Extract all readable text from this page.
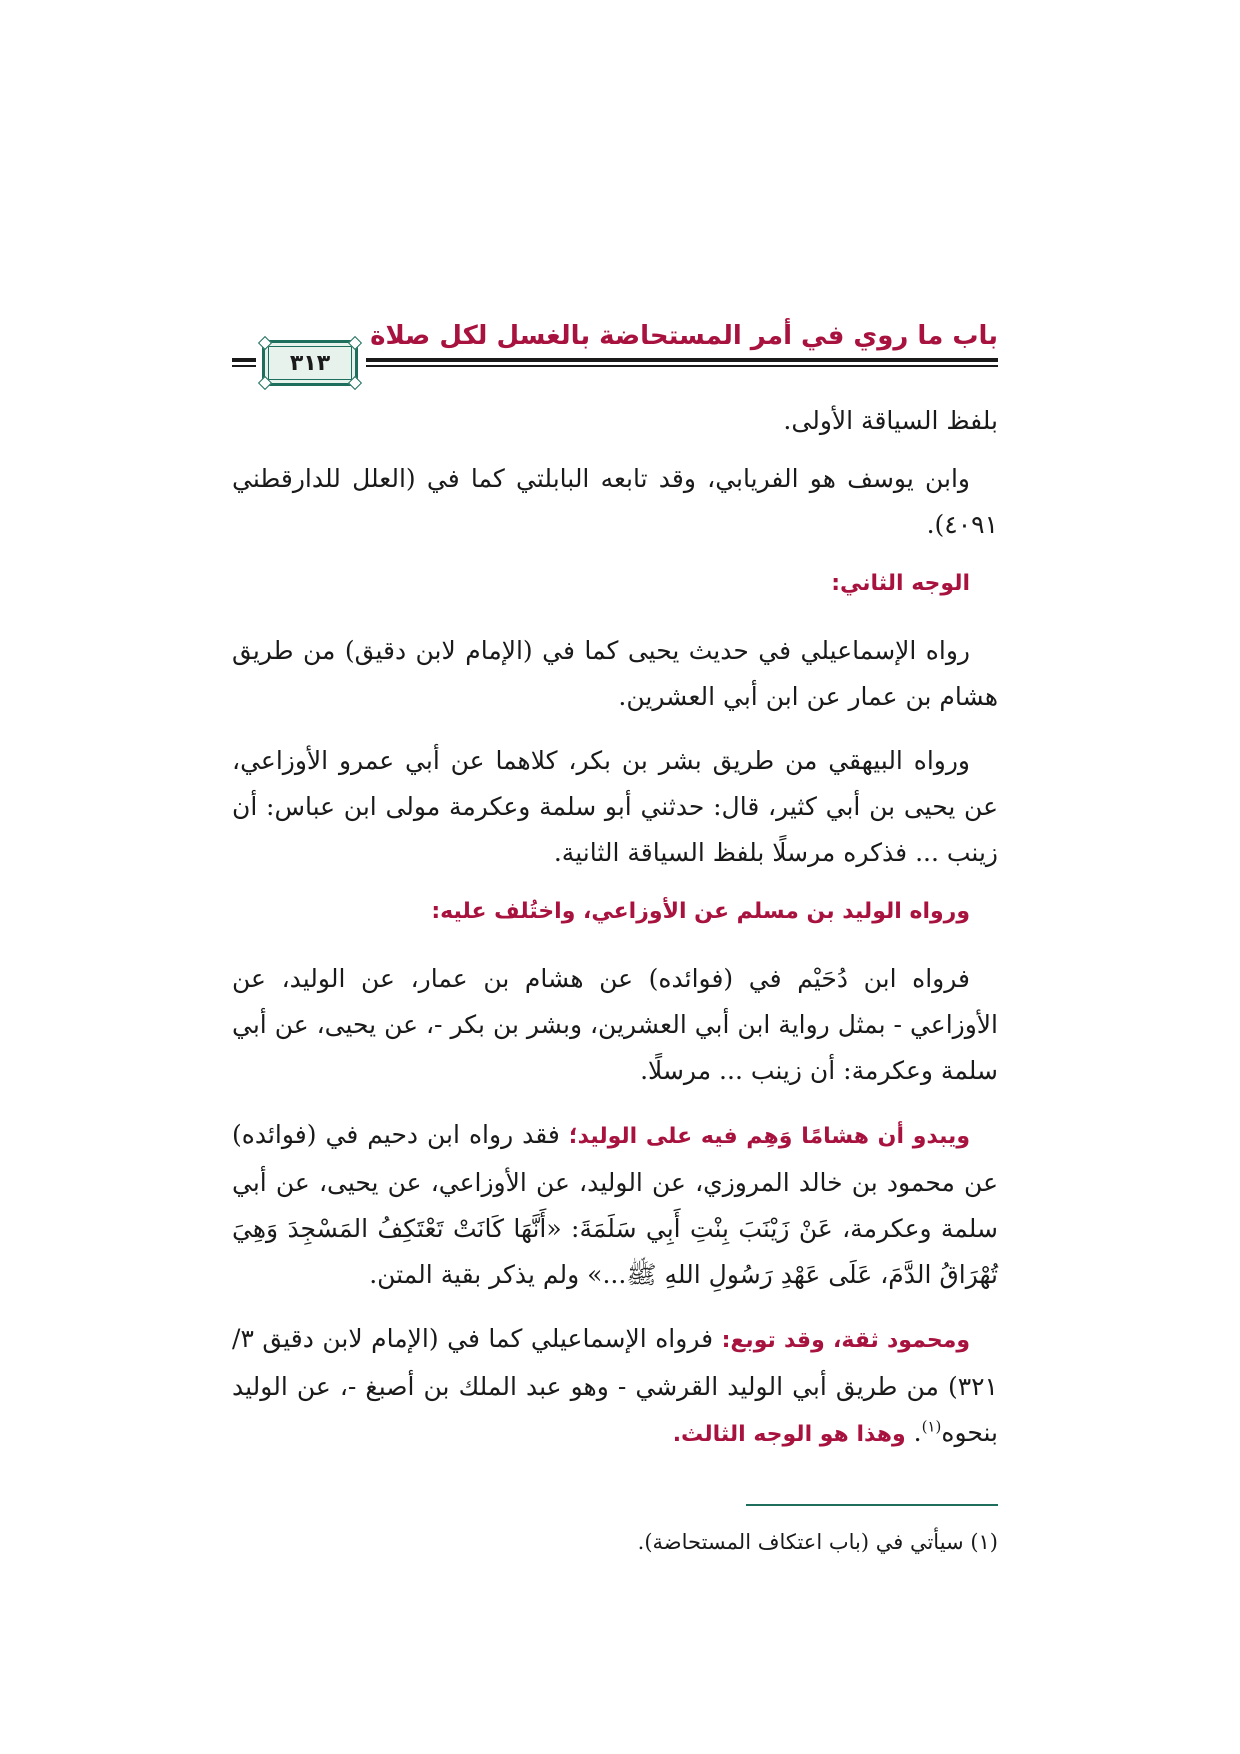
باب ما روي في أمر المستحاضة بالغسل لكل صلاة
٣١٣

بلفظ السياقة الأولى.

وابن يوسف هو الفريابي، وقد تابعه البابلتي كما في (العلل للدارقطني ٤٠٩١).

الوجه الثاني:

رواه الإسماعيلي في حديث يحيى كما في (الإمام لابن دقيق) من طريق هشام بن عمار عن ابن أبي العشرين.

ورواه البيهقي من طريق بشر بن بكر، كلاهما عن أبي عمرو الأوزاعي، عن يحيى بن أبي كثير، قال: حدثني أبو سلمة وعكرمة مولى ابن عباس: أن زينب ... فذكره مرسلًا بلفظ السياقة الثانية.

ورواه الوليد بن مسلم عن الأوزاعي، واختُلف عليه:

فرواه ابن دُحَيْم في (فوائده) عن هشام بن عمار، عن الوليد، عن الأوزاعي - بمثل رواية ابن أبي العشرين، وبشر بن بكر -، عن يحيى، عن أبي سلمة وعكرمة: أن زينب ... مرسلًا.

ويبدو أن هشامًا وَهِم فيه على الوليد؛ فقد رواه ابن دحيم في (فوائده) عن محمود بن خالد المروزي، عن الوليد، عن الأوزاعي، عن يحيى، عن أبي سلمة وعكرمة، عَنْ زَيْنَبَ بِنْتِ أَبِي سَلَمَةَ: «أَنَّهَا كَانَتْ تَعْتَكِفُ المَسْجِدَ وَهِيَ تُهْرَاقُ الدَّمَ، عَلَى عَهْدِ رَسُولِ اللهِ ﷺ...» ولم يذكر بقية المتن.

ومحمود ثقة، وقد توبع: فرواه الإسماعيلي كما في (الإمام لابن دقيق ٣/ ٣٢١) من طريق أبي الوليد القرشي - وهو عبد الملك بن أصبغ -، عن الوليد بنحوه$^{(١)}$. وهذا هو الوجه الثالث.

(١) سيأتي في (باب اعتكاف المستحاضة).
